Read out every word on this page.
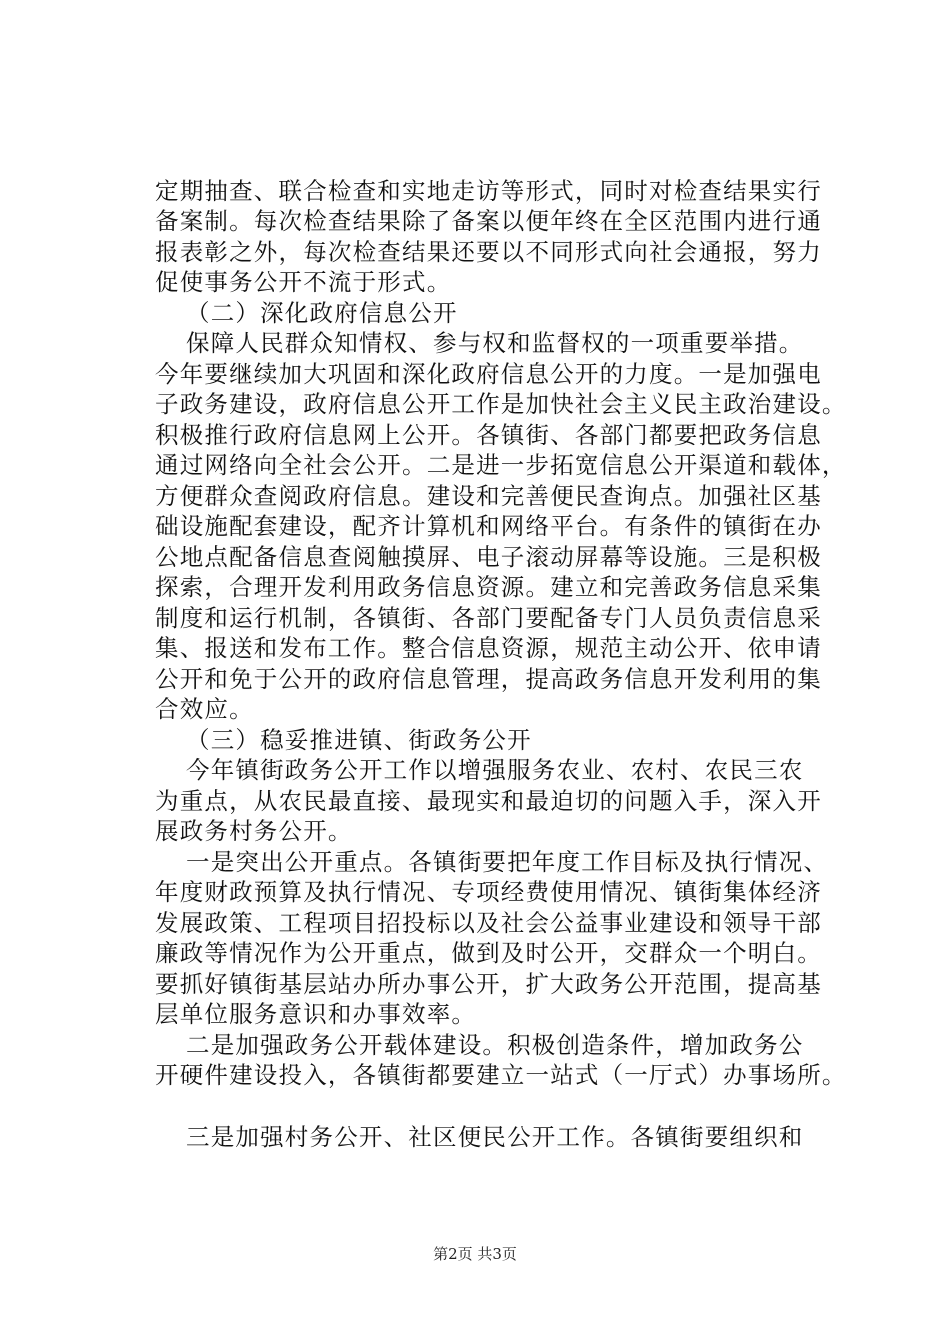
定期抽查、联合检查和实地走访等形式，同时对检查结果实行
备案制。每次检查结果除了备案以便年终在全区范围内进行通
报表彰之外，每次检查结果还要以不同形式向社会通报，努力
促使事务公开不流于形式。
（二）深化政府信息公开
保障人民群众知情权、参与权和监督权的一项重要举措。
今年要继续加大巩固和深化政府信息公开的力度。一是加强电
子政务建设，政府信息公开工作是加快社会主义民主政治建设。
积极推行政府信息网上公开。各镇街、各部门都要把政务信息
通过网络向全社会公开。二是进一步拓宽信息公开渠道和载体，
方便群众查阅政府信息。建设和完善便民查询点。加强社区基
础设施配套建设，配齐计算机和网络平台。有条件的镇街在办
公地点配备信息查阅触摸屏、电子滚动屏幕等设施。三是积极
探索，合理开发利用政务信息资源。建立和完善政务信息采集
制度和运行机制，各镇街、各部门要配备专门人员负责信息采
集、报送和发布工作。整合信息资源，规范主动公开、依申请
公开和免于公开的政府信息管理，提高政务信息开发利用的集
合效应。
（三）稳妥推进镇、街政务公开
今年镇街政务公开工作以增强服务农业、农村、农民三农
为重点，从农民最直接、最现实和最迫切的问题入手，深入开
展政务村务公开。
一是突出公开重点。各镇街要把年度工作目标及执行情况、
年度财政预算及执行情况、专项经费使用情况、镇街集体经济
发展政策、工程项目招投标以及社会公益事业建设和领导干部
廉政等情况作为公开重点，做到及时公开，交群众一个明白。
要抓好镇街基层站办所办事公开，扩大政务公开范围，提高基
层单位服务意识和办事效率。
二是加强政务公开载体建设。积极创造条件，增加政务公
开硬件建设投入，各镇街都要建立一站式（一厅式）办事场所。
三是加强村务公开、社区便民公开工作。各镇街要组织和
第2页 共3页
